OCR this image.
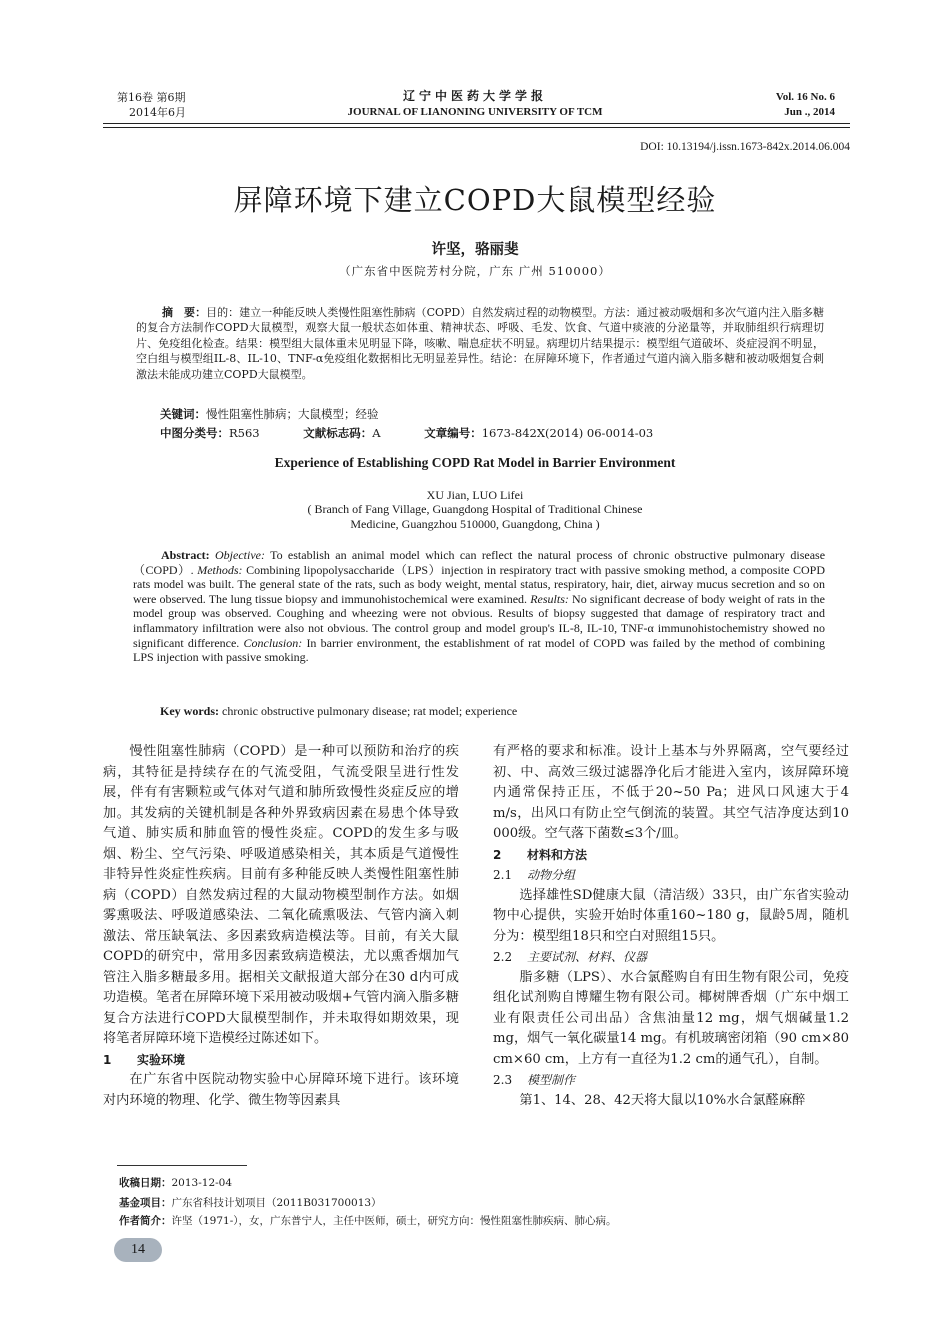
第16卷 第6期
2014年6月
辽宁中医药大学学报
JOURNAL OF LIANONING UNIVERSITY OF TCM
Vol. 16 No. 6
Jun ., 2014
DOI: 10.13194/j.issn.1673-842x.2014.06.004
屏障环境下建立COPD大鼠模型经验
许坚，骆丽斐
（广东省中医院芳村分院，广东 广州 510000）
摘　要：目的：建立一种能反映人类慢性阻塞性肺病（COPD）自然发病过程的动物模型。方法：通过被动吸烟和多次气道内注入脂多糖的复合方法制作COPD大鼠模型，观察大鼠一般状态如体重、精神状态、呼吸、毛发、饮食、气道中痰液的分泌量等，并取肺组织行病理切片、免疫组化检查。结果：模型组大鼠体重未见明显下降，咳嗽、喘息症状不明显。病理切片结果提示：模型组气道破坏、炎症浸润不明显，空白组与模型组IL-8、IL-10、TNF-α免疫组化数据相比无明显差异性。结论：在屏障环境下，作者通过气道内滴入脂多糖和被动吸烟复合刺激法未能成功建立COPD大鼠模型。
关键词：慢性阻塞性肺病；大鼠模型；经验
中图分类号：R563	文献标志码：A	文章编号：1673-842X(2014) 06-0014-03
Experience of Establishing COPD Rat Model in Barrier Environment
XU Jian, LUO Lifei
( Branch of Fang Village, Guangdong Hospital of Traditional Chinese
Medicine, Guangzhou 510000, Guangdong, China )
Abstract: Objective: To establish an animal model which can reflect the natural process of chronic obstructive pulmonary disease（COPD）. Methods: Combining lipopolysaccharide（LPS）injection in respiratory tract with passive smoking method, a composite COPD rats model was built. The general state of the rats, such as body weight, mental status, respiratory, hair, diet, airway mucus secretion and so on were observed. The lung tissue biopsy and immunohistochemical were examined. Results: No significant decrease of body weight of rats in the model group was observed. Coughing and wheezing were not obvious. Results of biopsy suggested that damage of respiratory tract and inflammatory infiltration were also not obvious. The control group and model group's IL-8, IL-10, TNF-α immunohistochemistry showed no significant difference. Conclusion: In barrier environment, the establishment of rat model of COPD was failed by the method of combining LPS injection with passive smoking.
Key words: chronic obstructive pulmonary disease; rat model; experience

慢性阻塞性肺病（COPD）是一种可以预防和治疗的疾病，其特征是持续存在的气流受阻，气流受限呈进行性发展，伴有有害颗粒或气体对气道和肺所致慢性炎症反应的增加。其发病的关键机制是各种外界致病因素在易患个体导致气道、肺实质和肺血管的慢性炎症。COPD的发生多与吸烟、粉尘、空气污染、呼吸道感染相关，其本质是气道慢性非特异性炎症性疾病。目前有多种能反映人类慢性阻塞性肺病（COPD）自然发病过程的大鼠动物模型制作方法。如烟雾熏吸法、呼吸道感染法、二氧化硫熏吸法、气管内滴入刺激法、常压缺氧法、多因素致病造模法等。目前，有关大鼠COPD的研究中，常用多因素致病造模法，尤以熏香烟加气管注入脂多糖最多用。据相关文献报道大部分在30 d内可成功造模。笔者在屏障环境下采用被动吸烟+气管内滴入脂多糖复合方法进行COPD大鼠模型制作，并未取得如期效果，现将笔者屏障环境下造模经过陈述如下。

1 实验环境

在广东省中医院动物实验中心屏障环境下进行。该环境对内环境的物理、化学、微生物等因素具

有严格的要求和标准。设计上基本与外界隔离，空气要经过初、中、高效三级过滤器净化后才能进入室内，该屏障环境内通常保持正压，不低于20~50 Pa；进风口风速大于4 m/s，出风口有防止空气倒流的装置。其空气洁净度达到10 000级。空气落下菌数≤3个/皿。

2 材料和方法

2.1 动物分组

选择雄性SD健康大鼠（清洁级）33只，由广东省实验动物中心提供，实验开始时体重160~180 g，鼠龄5周，随机分为：模型组18只和空白对照组15只。

2.2 主要试剂、材料、仪器

脂多糖（LPS）、水合氯醛购自有田生物有限公司，免疫组化试剂购自博耀生物有限公司。椰树牌香烟（广东中烟工业有限责任公司出品）含焦油量12 mg，烟气烟碱量1.2 mg，烟气一氧化碳量14 mg。有机玻璃密闭箱（90 cm×80 cm×60 cm，上方有一直径为1.2 cm的通气孔），自制。

2.3 模型制作

第1、14、28、42天将大鼠以10%水合氯醛麻醉

收稿日期：2013-12-04
基金项目：广东省科技计划项目（2011B031700013）
作者简介：许坚（1971-），女，广东普宁人，主任中医师，硕士，研究方向：慢性阻塞性肺疾病、肺心病。
14
